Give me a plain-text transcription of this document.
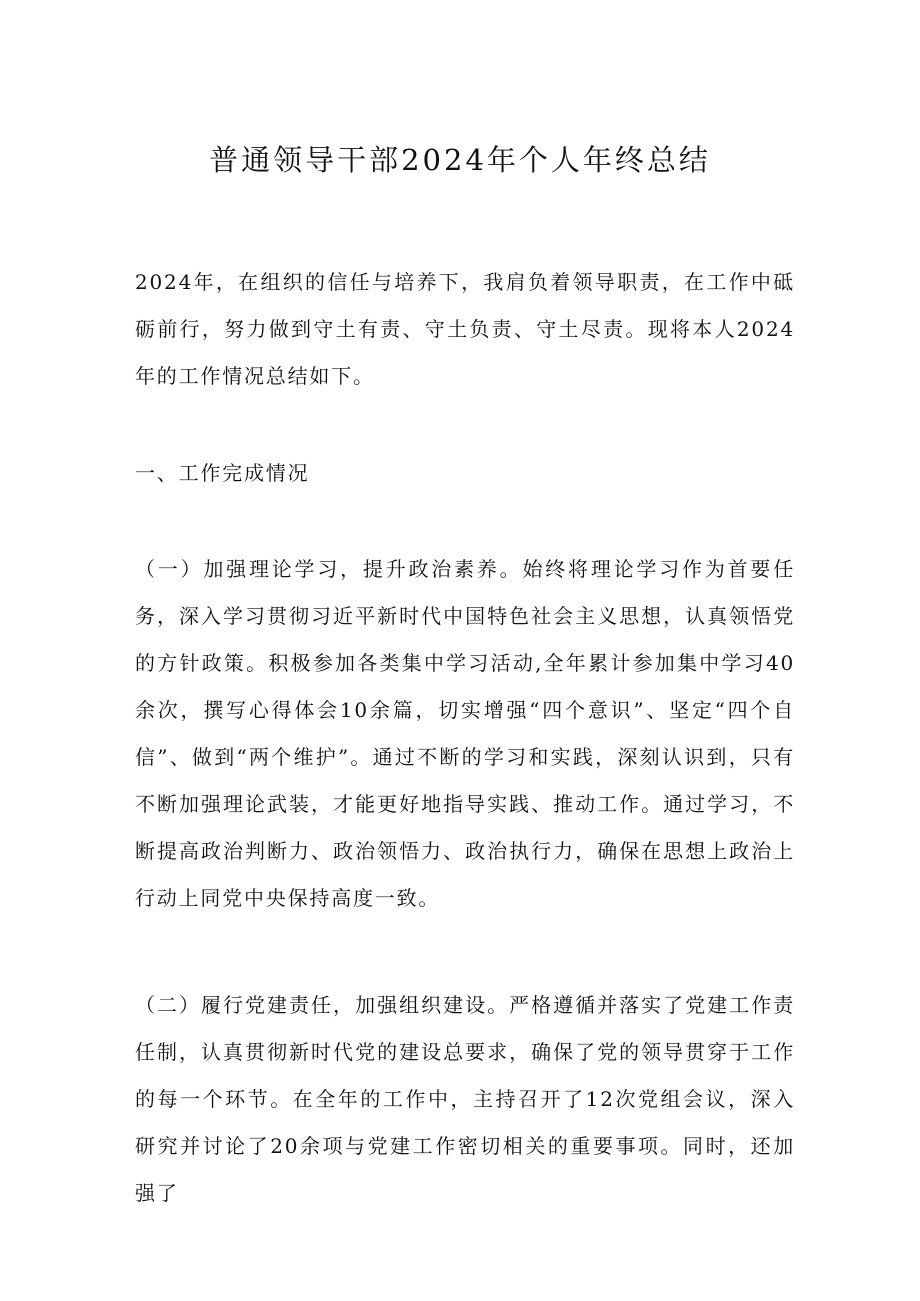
普通领导干部2024年个人年终总结
2024年，在组织的信任与培养下，我肩负着领导职责，在工作中砥砺前行，努力做到守土有责、守土负责、守土尽责。现将本人2024年的工作情况总结如下。
一、工作完成情况
（一）加强理论学习，提升政治素养。始终将理论学习作为首要任务，深入学习贯彻习近平新时代中国特色社会主义思想，认真领悟党的方针政策。积极参加各类集中学习活动,全年累计参加集中学习40余次，撰写心得体会10余篇，切实增强“四个意识”、坚定“四个自信”、做到“两个维护”。通过不断的学习和实践，深刻认识到，只有不断加强理论武装，才能更好地指导实践、推动工作。通过学习，不断提高政治判断力、政治领悟力、政治执行力，确保在思想上政治上行动上同党中央保持高度一致。
（二）履行党建责任，加强组织建设。严格遵循并落实了党建工作责任制，认真贯彻新时代党的建设总要求，确保了党的领导贯穿于工作的每一个环节。在全年的工作中，主持召开了12次党组会议，深入研究并讨论了20余项与党建工作密切相关的重要事项。同时，还加强了
